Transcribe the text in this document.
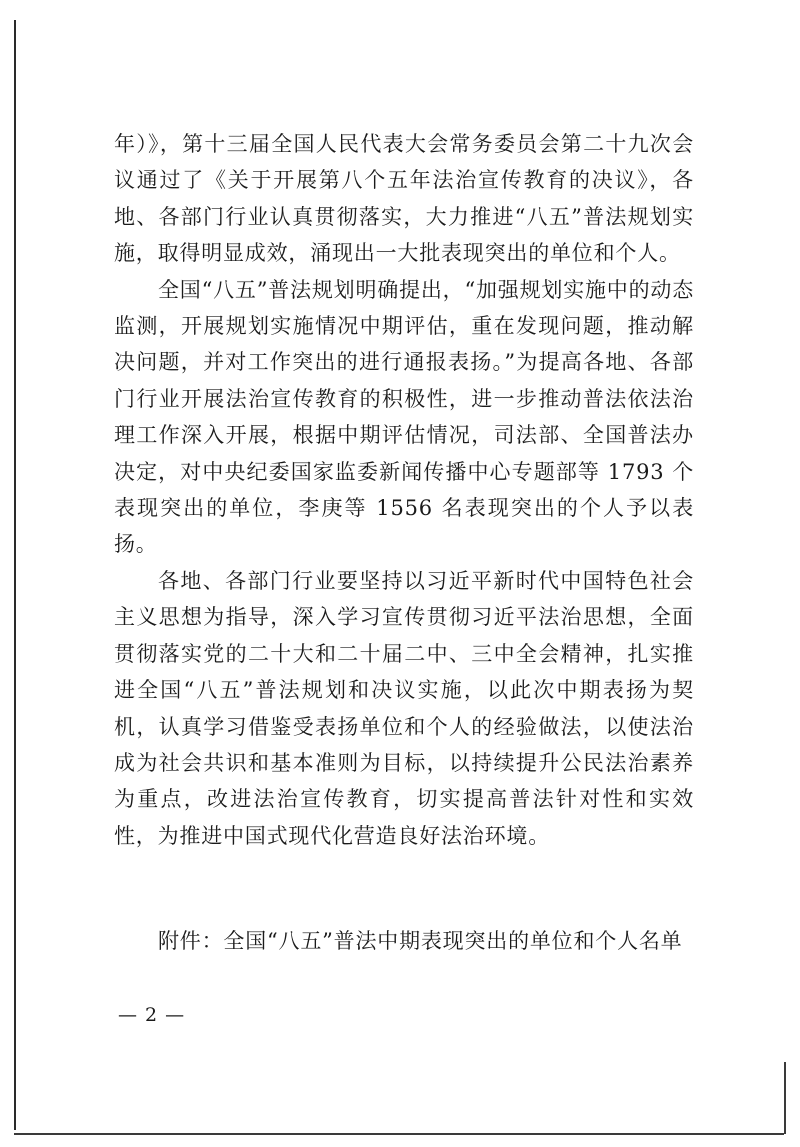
年）》，第十三届全国人民代表大会常务委员会第二十九次会议通过了《关于开展第八个五年法治宣传教育的决议》，各地、各部门行业认真贯彻落实，大力推进“八五”普法规划实施，取得明显成效，涌现出一大批表现突出的单位和个人。

全国“八五”普法规划明确提出，“加强规划实施中的动态监测，开展规划实施情况中期评估，重在发现问题，推动解决问题，并对工作突出的进行通报表扬。”为提高各地、各部门行业开展法治宣传教育的积极性，进一步推动普法依法治理工作深入开展，根据中期评估情况，司法部、全国普法办决定，对中央纪委国家监委新闻传播中心专题部等 1793 个表现突出的单位，李庚等 1556 名表现突出的个人予以表扬。

各地、各部门行业要坚持以习近平新时代中国特色社会主义思想为指导，深入学习宣传贯彻习近平法治思想，全面贯彻落实党的二十大和二十届二中、三中全会精神，扎实推进全国“八五”普法规划和决议实施，以此次中期表扬为契机，认真学习借鉴受表扬单位和个人的经验做法，以使法治成为社会共识和基本准则为目标，以持续提升公民法治素养为重点，改进法治宣传教育，切实提高普法针对性和实效性，为推进中国式现代化营造良好法治环境。

附件：全国“八五”普法中期表现突出的单位和个人名单
— 2 —
